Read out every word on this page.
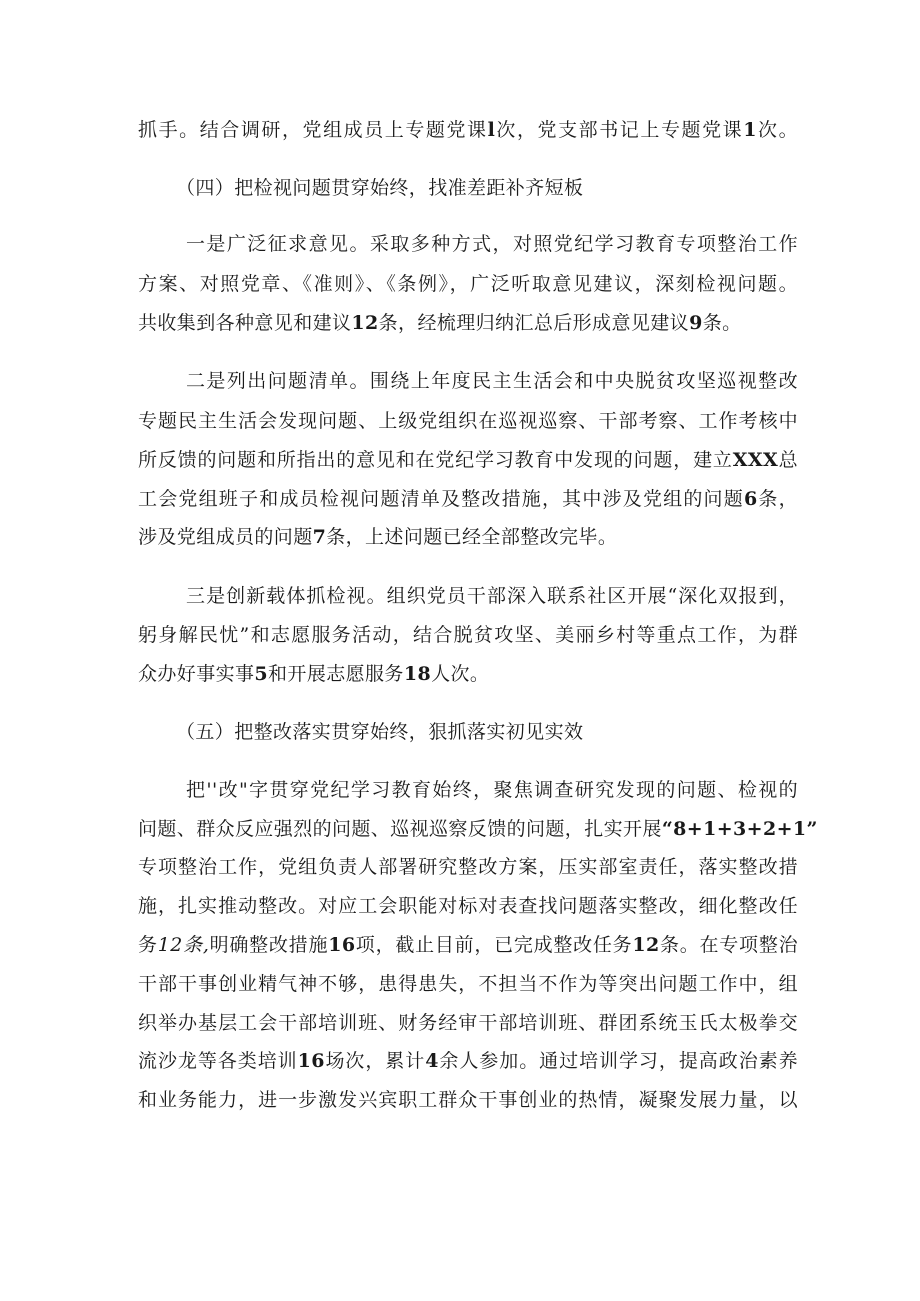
抓手。结合调研，党组成员上专题党课l次，党支部书记上专题党课1次。
（四）把检视问题贯穿始终，找准差距补齐短板
一是广泛征求意见。采取多种方式，对照党纪学习教育专项整治工作
方案、对照党章、《准则》、《条例》，广泛听取意见建议，深刻检视问题。
共收集到各种意见和建议12条，经梳理归纳汇总后形成意见建议9条。
二是列出问题清单。围绕上年度民主生活会和中央脱贫攻坚巡视整改
专题民主生活会发现问题、上级党组织在巡视巡察、干部考察、工作考核中
所反馈的问题和所指出的意见和在党纪学习教育中发现的问题，建立XXX总
工会党组班子和成员检视问题清单及整改措施，其中涉及党组的问题6条，
涉及党组成员的问题7条，上述问题已经全部整改完毕。
三是创新载体抓检视。组织党员干部深入联系社区开展“深化双报到，
躬身解民忧”和志愿服务活动，结合脱贫攻坚、美丽乡村等重点工作，为群
众办好事实事5和开展志愿服务18人次。
（五）把整改落实贯穿始终，狠抓落实初见实效
把''改"字贯穿党纪学习教育始终，聚焦调查研究发现的问题、检视的
问题、群众反应强烈的问题、巡视巡察反馈的问题，扎实开展“8+1+3+2+1”
专项整治工作，党组负责人部署研究整改方案，压实部室责任，落实整改措
施，扎实推动整改。对应工会职能对标对表查找问题落实整改，细化整改任
务12条,明确整改措施16项，截止目前，已完成整改任务12条。在专项整治
干部干事创业精气神不够，患得患失，不担当不作为等突出问题工作中，组
织举办基层工会干部培训班、财务经审干部培训班、群团系统玉氏太极拳交
流沙龙等各类培训16场次，累计4余人参加。通过培训学习，提高政治素养
和业务能力，进一步激发兴宾职工群众干事创业的热情，凝聚发展力量，以
